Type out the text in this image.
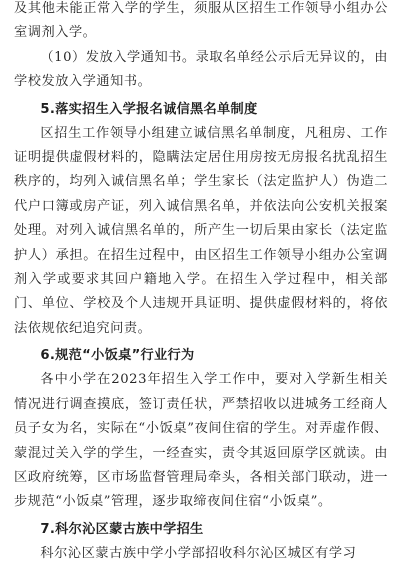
及其他未能正常入学的学生，须服从区招生工作领导小组办公室调剂入学。

（10）发放入学通知书。录取名单经公示后无异议的，由学校发放入学通知书。

5.落实招生入学报名诚信黑名单制度

区招生工作领导小组建立诚信黑名单制度，凡租房、工作证明提供虚假材料的，隐瞒法定居住用房按无房报名扰乱招生秩序的，均列入诚信黑名单；学生家长（法定监护人）伪造二代户口簿或房产证，列入诚信黑名单，并依法向公安机关报案处理。对列入诚信黑名单的，所产生一切后果由家长（法定监护人）承担。在招生过程中，由区招生工作领导小组办公室调剂入学或要求其回户籍地入学。在招生入学过程中，相关部门、单位、学校及个人违规开具证明、提供虚假材料的，将依法依规依纪追究问责。

6.规范“小饭桌”行业行为

各中小学在2023年招生入学工作中，要对入学新生相关情况进行调查摸底，签订责任状，严禁招收以进城务工经商人员子女为名，实际在“小饭桌”夜间住宿的学生。对弄虚作假、蒙混过关入学的学生，一经查实，责令其返回原学区就读。由区政府统筹，区市场监督管理局牵头，各相关部门联动，进一步规范“小饭桌”管理，逐步取缔夜间住宿“小饭桌”。

7.科尔沁区蒙古族中学招生

科尔沁区蒙古族中学小学部招收科尔沁区城区有学习
